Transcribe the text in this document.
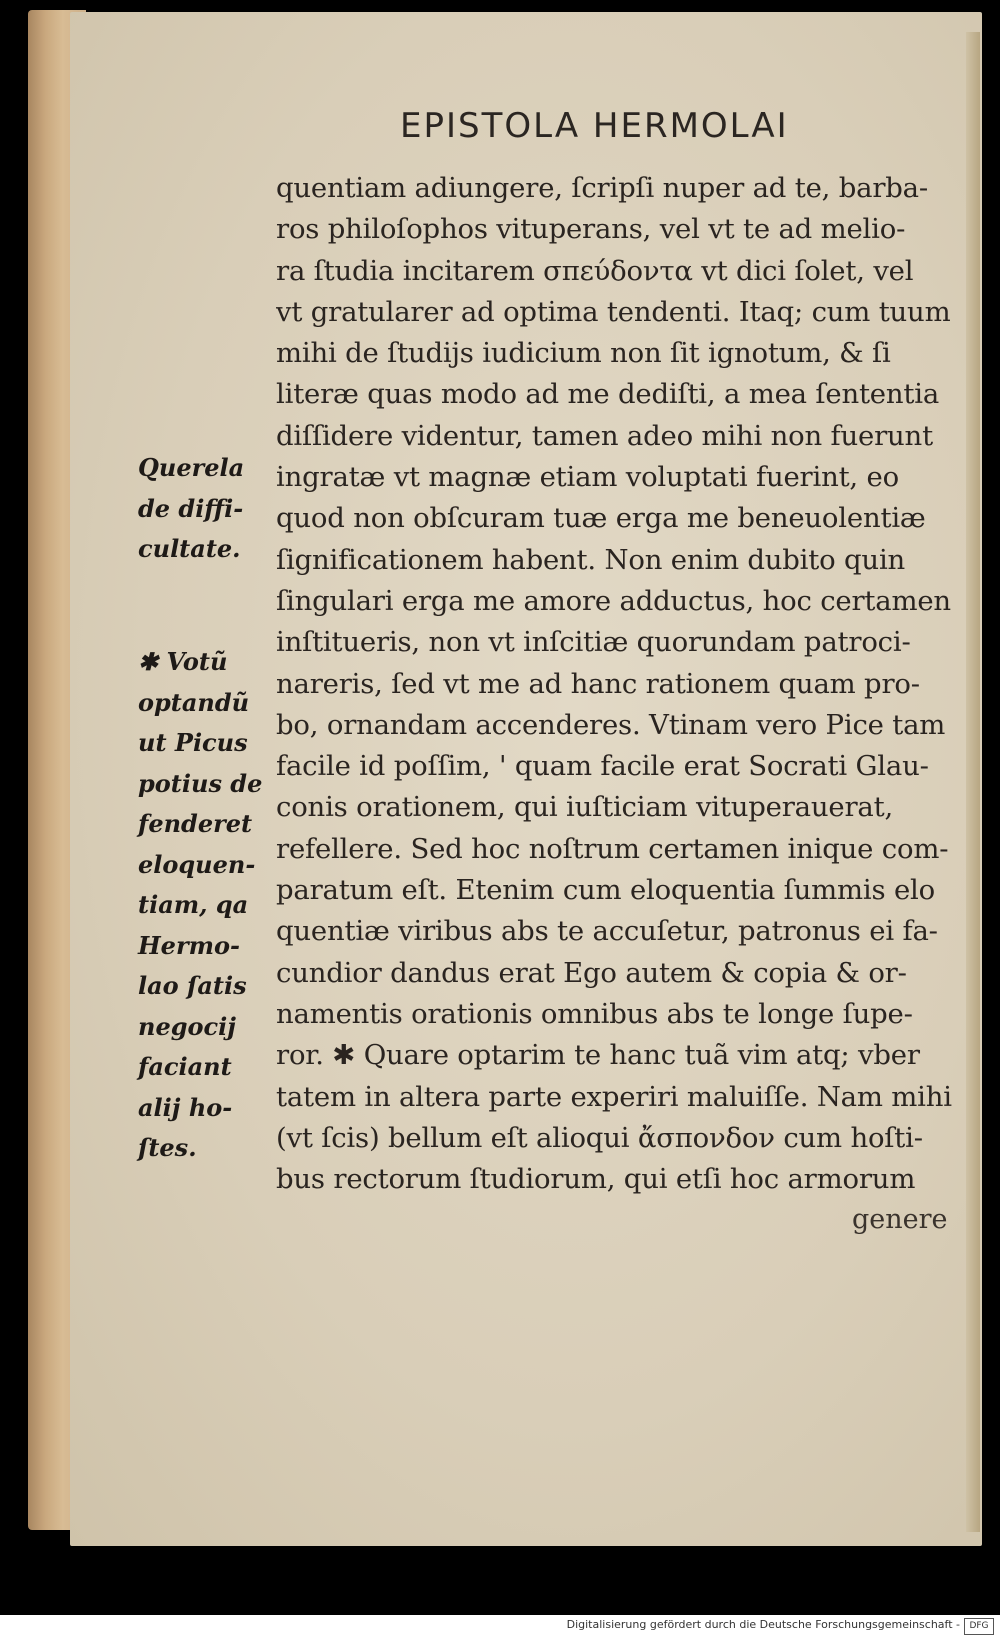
EPISTOLA HERMOLAI
Querela
de diffi-
cultate.
✱ Votũ
optandũ
ut Picus
potius de
fenderet
eloquen-
tiam, qa
Hermo-
lao ſatis
negocij
faciant
alij ho-
ſtes.
quentiam adiungere, ſcripſi nuper ad te, barba-
ros philoſophos vituperans, vel vt te ad melio-
ra ſtudia incitarem σπεύδοντα vt dici ſolet, vel
vt gratularer ad optima tendenti. Itaq; cum tuum
mihi de ſtudijs iudicium non ſit ignotum, & ſi
literæ quas modo ad me dediſti, a mea ſententia
diſſidere videntur, tamen adeo mihi non fuerunt
ingratæ vt magnæ etiam voluptati fuerint, eo
quod non obſcuram tuæ erga me beneuolentiæ
ſignificationem habent. Non enim dubito quin
ſingulari erga me amore adductus, hoc certamen
inſtitueris, non vt inſcitiæ quorundam patroci-
nareris, ſed vt me ad hanc rationem quam pro-
bo, ornandam accenderes. Vtinam vero Pice tam
facile id poſſim, ' quam facile erat Socrati Glau-
conis orationem, qui iuſticiam vituperauerat,
refellere. Sed hoc noſtrum certamen inique com-
paratum eſt. Etenim cum eloquentia ſummis elo
quentiæ viribus abs te accuſetur, patronus ei fa-
cundior dandus erat Ego autem & copia & or-
namentis orationis omnibus abs te longe ſupe-
ror. ✱ Quare optarim te hanc tuã vim atq; vber
tatem in altera parte experiri maluiſſe. Nam mihi
(vt ſcis) bellum eſt alioqui ἄσπονδον cum hoſti-
bus rectorum ſtudiorum, qui etſi hoc armorum
genere
Digitalisierung gefördert durch die Deutsche Forschungsgemeinschaft -	DFG
